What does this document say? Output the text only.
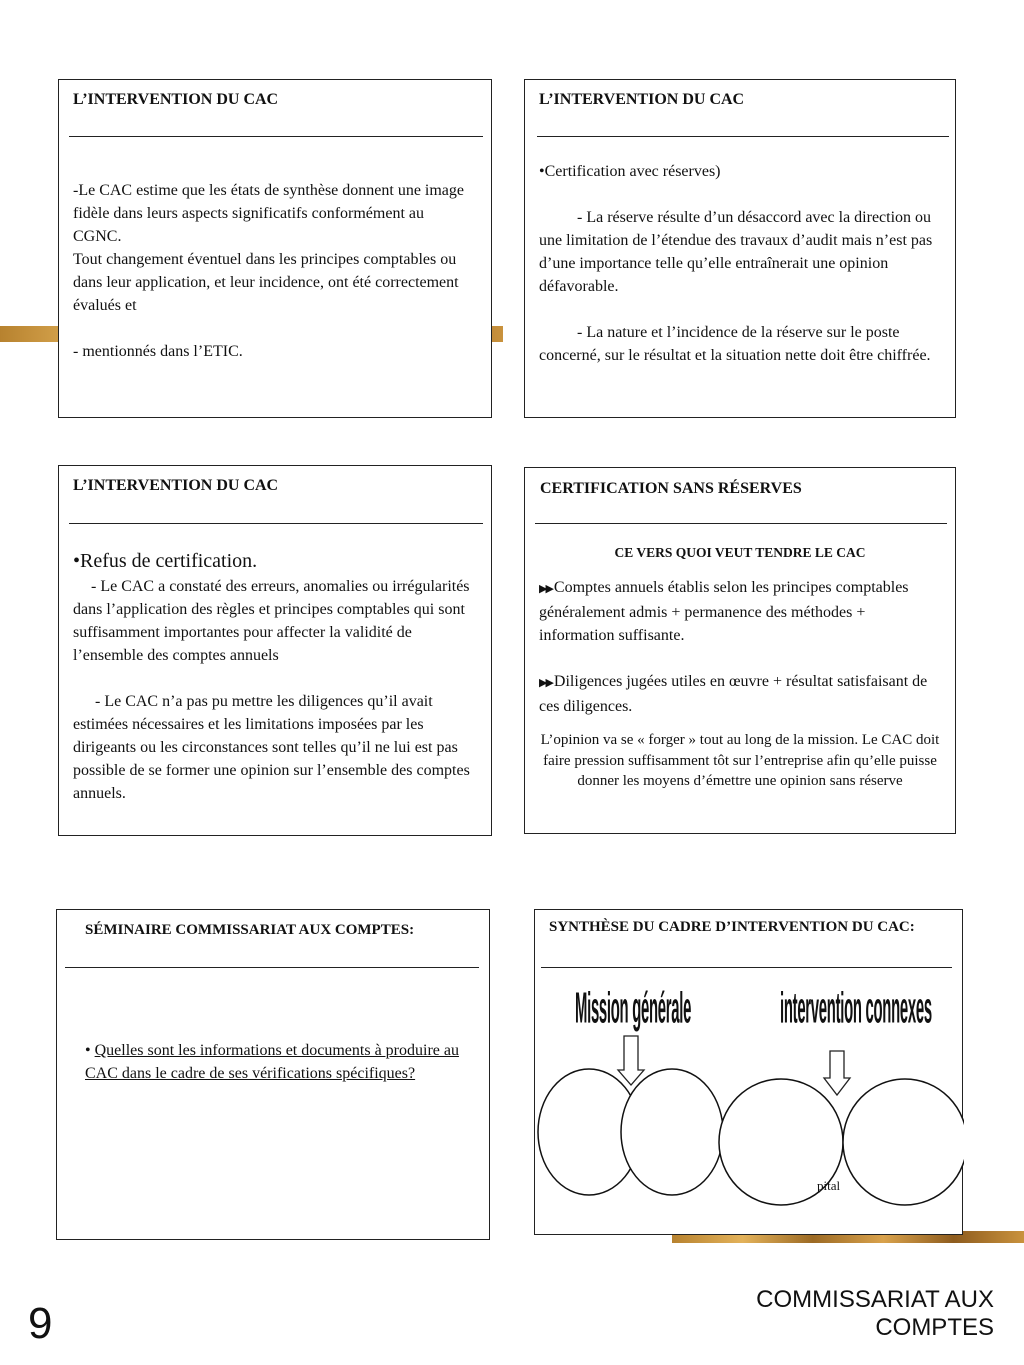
L’INTERVENTION DU CAC

-Le CAC estime que les états de synthèse donnent une image fidèle dans leurs aspects significatifs conformément au CGNC.

Tout changement éventuel dans les principes comptables ou dans leur application, et leur incidence, ont été correctement évalués et

- mentionnés dans l’ETIC.

L’INTERVENTION DU CAC

•Certification avec réserves)

- La réserve résulte d’un désaccord avec la direction ou une limitation de l’étendue des travaux d’audit mais n’est pas d’une importance telle qu’elle entraînerait une opinion défavorable.

- La nature et l’incidence de la réserve sur le poste concerné, sur le résultat et la situation nette doit être chiffrée.

L’INTERVENTION DU CAC

•Refus de certification.

- Le CAC a constaté des erreurs, anomalies ou irrégularités dans l’application des règles et principes comptables qui sont suffisamment importantes pour affecter la validité de l’ensemble des comptes annuels

- Le CAC n’a pas pu mettre les diligences qu’il avait estimées nécessaires et les limitations imposées par les dirigeants ou les circonstances sont telles qu’il ne lui est pas possible de se former une opinion sur l’ensemble des comptes annuels.

CERTIFICATION SANS RÉSERVES

CE VERS QUOI VEUT TENDRE LE CAC

▶▶ Comptes annuels établis selon les principes comptables généralement admis + permanence des méthodes + information suffisante.

▶▶ Diligences jugées utiles en œuvre + résultat satisfaisant de ces diligences.

L’opinion va se « forger » tout au long de la mission. Le CAC doit faire pression suffisamment tôt sur l’entreprise afin qu’elle puisse donner les moyens d’émettre une opinion sans réserve

SÉMINAIRE COMMISSARIAT AUX COMPTES:

• Quelles sont les informations et documents à produire au CAC dans le cadre de ses vérifications spécifiques?

SYNTHÈSE DU CADRE D’INTERVENTION DU CAC:
Mission générale	intervention connexes
pital
9	COMMISSARIAT AUX
COMPTES
